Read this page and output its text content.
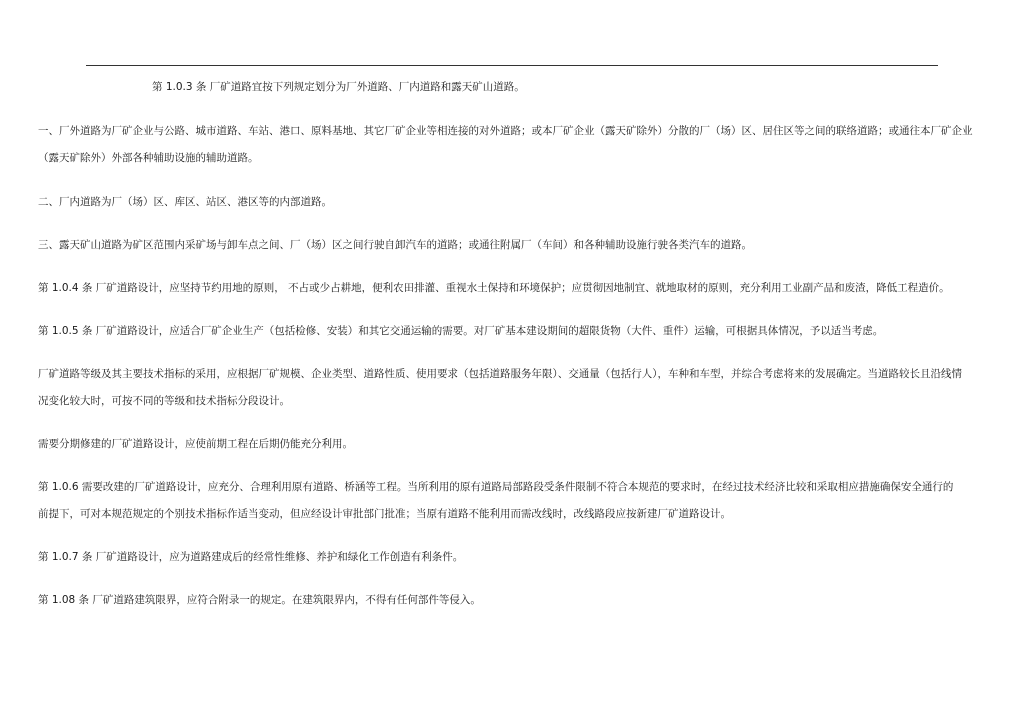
第 1.0.3 条 厂矿道路宜按下列规定划分为厂外道路、厂内道路和露天矿山道路。

一、厂外道路为厂矿企业与公路、城市道路、车站、港口、原料基地、其它厂矿企业等相连接的对外道路；或本厂矿企业（露天矿除外）分散的厂（场）区、居住区等之间的联络道路；或通往本厂矿企业

（露天矿除外）外部各种辅助设施的辅助道路。

二、厂内道路为厂（场）区、库区、站区、港区等的内部道路。

三、露天矿山道路为矿区范围内采矿场与卸车点之间、厂（场）区之间行驶自卸汽车的道路；或通往附属厂（车间）和各种辅助设施行驶各类汽车的道路。

第 1.0.4 条 厂矿道路设计，应坚持节约用地的原则， 不占或少占耕地，便利农田排灌、重视水土保持和环境保护；应贯彻因地制宜、就地取材的原则，充分利用工业副产品和废渣，降低工程造价。

第 1.0.5 条 厂矿道路设计，应适合厂矿企业生产（包括检修、安装）和其它交通运输的需要。对厂矿基本建设期间的超限货物（大件、重件）运输，可根据具体情况，予以适当考虑。

厂矿道路等级及其主要技术指标的采用，应根据厂矿规模、企业类型、道路性质、使用要求（包括道路服务年限）、交通量（包括行人），车种和车型，并综合考虑将来的发展确定。当道路较长且沿线情

况变化较大时，可按不同的等级和技术指标分段设计。

需要分期修建的厂矿道路设计，应使前期工程在后期仍能充分利用。

第 1.0.6 需要改建的厂矿道路设计，应充分、合理利用原有道路、桥涵等工程。当所利用的原有道路局部路段受条件限制不符合本规范的要求时，在经过技术经济比较和采取相应措施确保安全通行的

前提下，可对本规范规定的个别技术指标作适当变动，但应经设计审批部门批准；当原有道路不能利用而需改线时，改线路段应按新建厂矿道路设计。

第 1.0.7 条 厂矿道路设计，应为道路建成后的经常性维修、养护和绿化工作创造有利条件。

第 1.08 条 厂矿道路建筑限界，应符合附录一的规定。在建筑限界内，不得有任何部件等侵入。
